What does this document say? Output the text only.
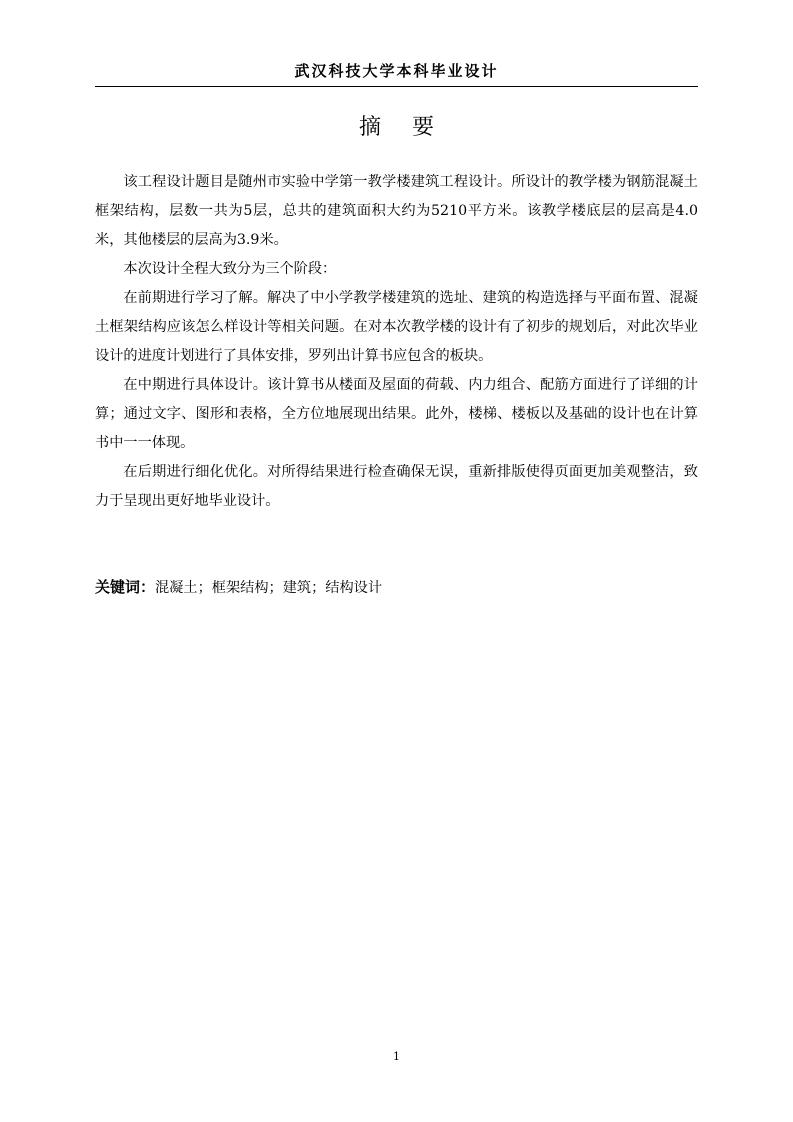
武汉科技大学本科毕业设计
摘 要

该工程设计题目是随州市实验中学第一教学楼建筑工程设计。所设计的教学楼为钢筋混凝土框架结构，层数一共为5层，总共的建筑面积大约为5210平方米。该教学楼底层的层高是4.0米，其他楼层的层高为3.9米。

本次设计全程大致分为三个阶段：

在前期进行学习了解。解决了中小学教学楼建筑的选址、建筑的构造选择与平面布置、混凝土框架结构应该怎么样设计等相关问题。在对本次教学楼的设计有了初步的规划后，对此次毕业设计的进度计划进行了具体安排，罗列出计算书应包含的板块。

在中期进行具体设计。该计算书从楼面及屋面的荷载、内力组合、配筋方面进行了详细的计算；通过文字、图形和表格，全方位地展现出结果。此外，楼梯、楼板以及基础的设计也在计算书中一一体现。

在后期进行细化优化。对所得结果进行检查确保无误，重新排版使得页面更加美观整洁，致力于呈现出更好地毕业设计。

关键词：混凝土；框架结构；建筑；结构设计
1
